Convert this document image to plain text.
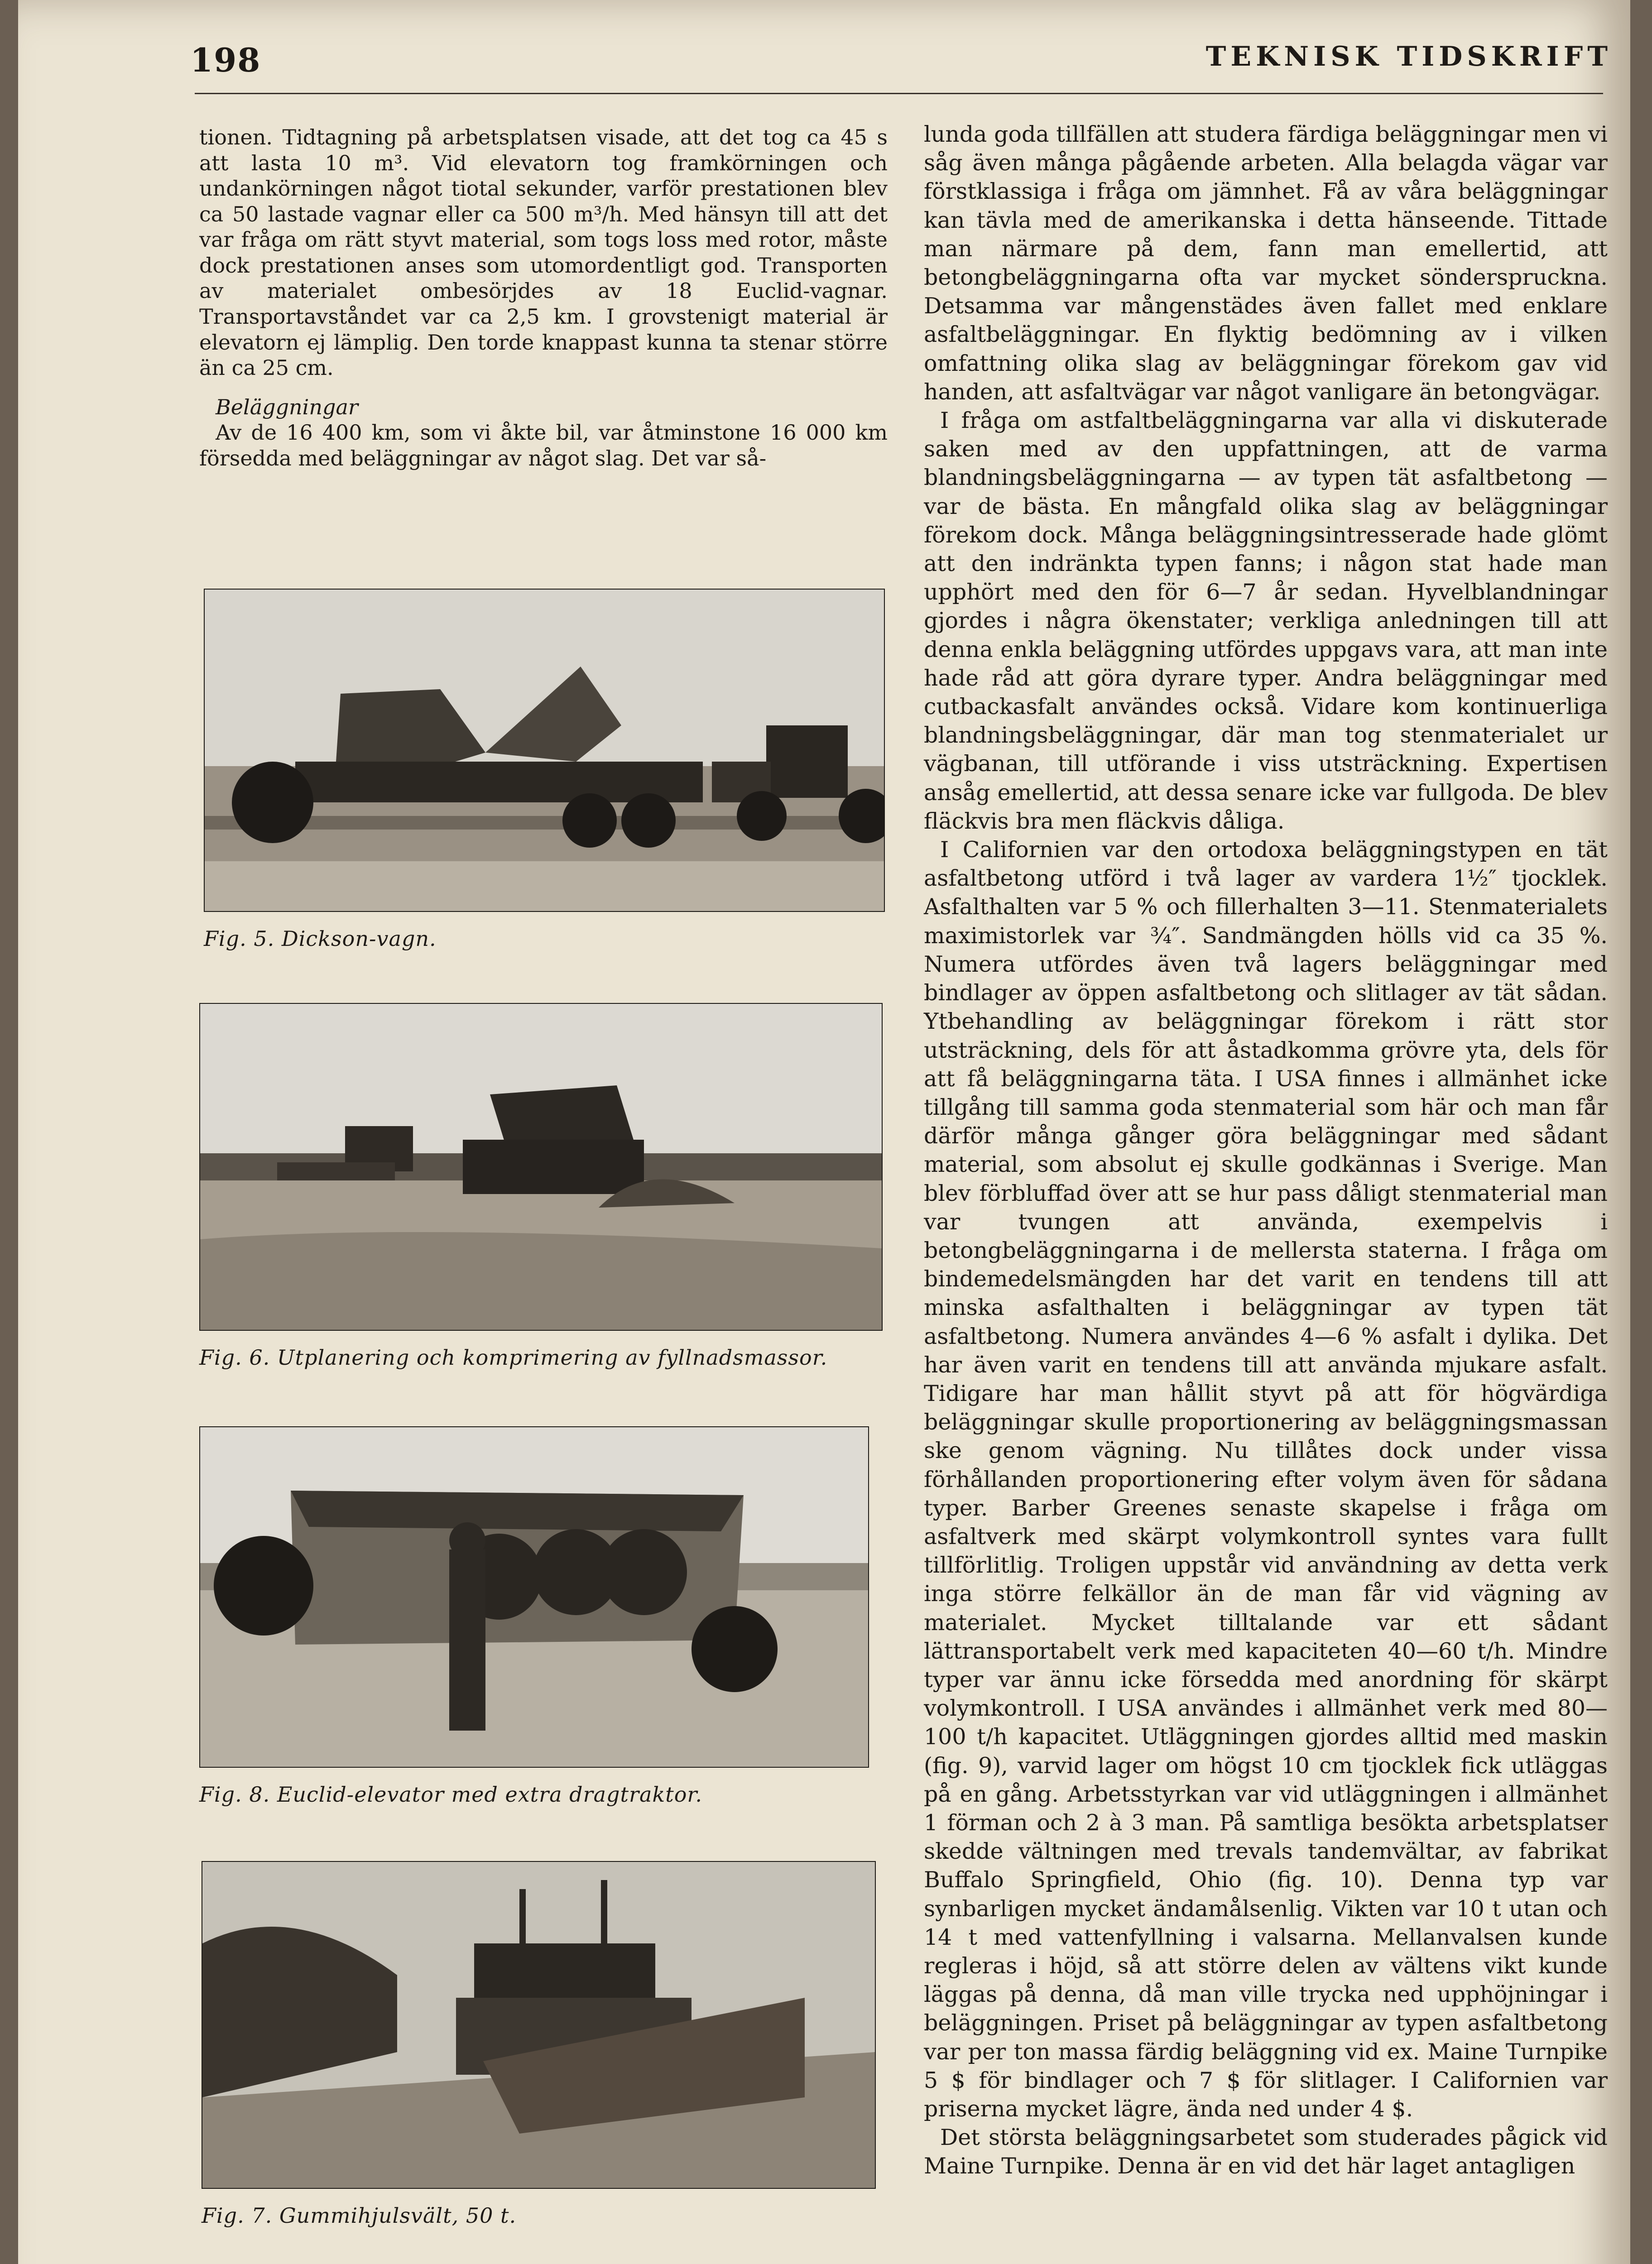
198	TEKNISK TIDSKRIFT

tionen. Tidtagning på arbetsplatsen visade, att det tog ca 45 s att lasta 10 m³. Vid elevatorn tog framkörningen och undankörningen något tiotal sekunder, varför prestationen blev ca 50 lastade vagnar eller ca 500 m³/h. Med hänsyn till att det var fråga om rätt styvt material, som togs loss med rotor, måste dock prestationen anses som utomordentligt god. Transporten av materialet ombesörjdes av 18 Euclid-vagnar. Transportavståndet var ca 2,5 km. I grovstenigt material är elevatorn ej lämplig. Den torde knappast kunna ta stenar större än ca 25 cm.

Beläggningar

Av de 16 400 km, som vi åkte bil, var åtminstone 16 000 km försedda med beläggningar av något slag. Det var så-

Fig. 5. Dickson-vagn.
Fig. 6. Utplanering och komprimering av fyllnadsmassor.
Fig. 8. Euclid-elevator med extra dragtraktor.
Fig. 7. Gummihjulsvält, 50 t.

lunda goda tillfällen att studera färdiga beläggningar men vi såg även många pågående arbeten. Alla belagda vägar var förstklassiga i fråga om jämnhet. Få av våra beläggningar kan tävla med de amerikanska i detta hänseende. Tittade man närmare på dem, fann man emellertid, att betongbeläggningarna ofta var mycket sönderspruckna. Detsamma var mångenstädes även fallet med enklare asfaltbeläggningar. En flyktig bedömning av i vilken omfattning olika slag av beläggningar förekom gav vid handen, att asfaltvägar var något vanligare än betongvägar.

I fråga om astfaltbeläggningarna var alla vi diskuterade saken med av den uppfattningen, att de varma blandningsbeläggningarna — av typen tät asfaltbetong — var de bästa. En mångfald olika slag av beläggningar förekom dock. Många beläggningsintresserade hade glömt att den indränkta typen fanns; i någon stat hade man upphört med den för 6—7 år sedan. Hyvelblandningar gjordes i några ökenstater; verkliga anledningen till att denna enkla beläggning utfördes uppgavs vara, att man inte hade råd att göra dyrare typer. Andra beläggningar med cutbackasfalt användes också. Vidare kom kontinuerliga blandningsbeläggningar, där man tog stenmaterialet ur vägbanan, till utförande i viss utsträckning. Expertisen ansåg emellertid, att dessa senare icke var fullgoda. De blev fläckvis bra men fläckvis dåliga.

I Californien var den ortodoxa beläggningstypen en tät asfaltbetong utförd i två lager av vardera 1½″ tjocklek. Asfalthalten var 5 % och fillerhalten 3—11. Stenmaterialets maximistorlek var ¾″. Sandmängden hölls vid ca 35 %. Numera utfördes även två lagers beläggningar med bindlager av öppen asfaltbetong och slitlager av tät sådan. Ytbehandling av beläggningar förekom i rätt stor utsträckning, dels för att åstadkomma grövre yta, dels för att få beläggningarna täta. I USA finnes i allmänhet icke tillgång till samma goda stenmaterial som här och man får därför många gånger göra beläggningar med sådant material, som absolut ej skulle godkännas i Sverige. Man blev förbluffad över att se hur pass dåligt stenmaterial man var tvungen att använda, exempelvis i betongbeläggningarna i de mellersta staterna. I fråga om bindemedelsmängden har det varit en tendens till att minska asfalthalten i beläggningar av typen tät asfaltbetong. Numera användes 4—6 % asfalt i dylika. Det har även varit en tendens till att använda mjukare asfalt. Tidigare har man hållit styvt på att för högvärdiga beläggningar skulle proportionering av beläggningsmassan ske genom vägning. Nu tillåtes dock under vissa förhållanden proportionering efter volym även för sådana typer. Barber Greenes senaste skapelse i fråga om asfaltverk med skärpt volymkontroll syntes vara fullt tillförlitlig. Troligen uppstår vid användning av detta verk inga större felkällor än de man får vid vägning av materialet. Mycket tilltalande var ett sådant lättransportabelt verk med kapaciteten 40—60 t/h. Mindre typer var ännu icke försedda med anordning för skärpt volymkontroll. I USA användes i allmänhet verk med 80—100 t/h kapacitet. Utläggningen gjordes alltid med maskin (fig. 9), varvid lager om högst 10 cm tjocklek fick utläggas på en gång. Arbetsstyrkan var vid utläggningen i allmänhet 1 förman och 2 à 3 man. På samtliga besökta arbetsplatser skedde vältningen med trevals tandemvältar, av fabrikat Buffalo Springfield, Ohio (fig. 10). Denna typ var synbarligen mycket ändamålsenlig. Vikten var 10 t utan och 14 t med vattenfyllning i valsarna. Mellanvalsen kunde regleras i höjd, så att större delen av vältens vikt kunde läggas på denna, då man ville trycka ned upphöjningar i beläggningen. Priset på beläggningar av typen asfaltbetong var per ton massa färdig beläggning vid ex. Maine Turnpike 5 $ för bindlager och 7 $ för slitlager. I Californien var priserna mycket lägre, ända ned under 4 $.

Det största beläggningsarbetet som studerades pågick vid Maine Turnpike. Denna är en vid det här laget antagligen
